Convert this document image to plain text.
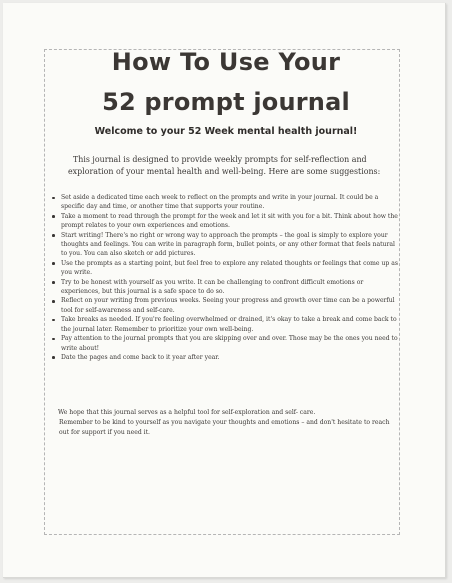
How To Use Your
52 prompt journal

Welcome to your 52 Week mental health journal!

This journal is designed to provide weekly prompts for self-reflection and exploration of your mental health and well-being. Here are some suggestions:

Set aside a dedicated time each week to reflect on the prompts and write in your journal. It could be a specific day and time, or another time that supports your routine.
Take a moment to read through the prompt for the week and let it sit with you for a bit. Think about how the prompt relates to your own experiences and emotions.
Start writing! There's no right or wrong way to approach the prompts – the goal is simply to explore your thoughts and feelings. You can write in paragraph form, bullet points, or any other format that feels natural to you. You can also sketch or add pictures.
Use the prompts as a starting point, but feel free to explore any related thoughts or feelings that come up as you write.
Try to be honest with yourself as you write. It can be challenging to confront difficult emotions or experiences, but this journal is a safe space to do so.
Reflect on your writing from previous weeks. Seeing your progress and growth over time can be a powerful tool for self-awareness and self-care.
Take breaks as needed. If you're feeling overwhelmed or drained, it's okay to take a break and come back to the journal later. Remember to prioritize your own well-being.
Pay attention to the journal prompts that you are skipping over and over. Those may be the ones you need to write about!
Date the pages and come back to it year after year.

We hope that this journal serves as a helpful tool for self-exploration and self- care.
Remember to be kind to yourself as you navigate your thoughts and emotions – and don't hesitate to reach out for support if you need it.
